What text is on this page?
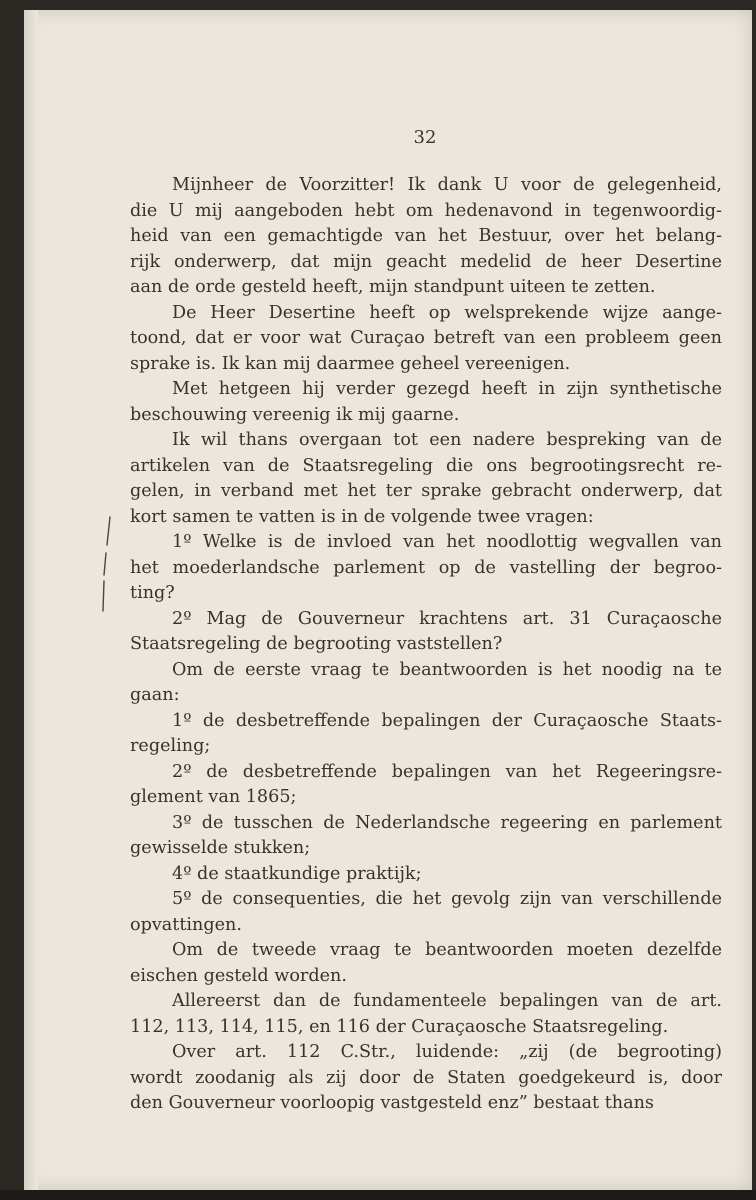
32
Mijnheer de Voorzitter! Ik dank U voor de gelegenheid,
die U mij aangeboden hebt om hedenavond in tegenwoordig-
heid van een gemachtigde van het Bestuur, over het belang-
rijk onderwerp, dat mijn geacht medelid de heer Desertine
aan de orde gesteld heeft, mijn standpunt uiteen te zetten.
De Heer Desertine heeft op welsprekende wijze aange-
toond, dat er voor wat Curaçao betreft van een probleem geen
sprake is. Ik kan mij daarmee geheel vereenigen.
Met hetgeen hij verder gezegd heeft in zijn synthetische
beschouwing vereenig ik mij gaarne.
Ik wil thans overgaan tot een nadere bespreking van de
artikelen van de Staatsregeling die ons begrootingsrecht re-
gelen, in verband met het ter sprake gebracht onderwerp, dat
kort samen te vatten is in de volgende twee vragen:
1º Welke is de invloed van het noodlottig wegvallen van
het moederlandsche parlement op de vastelling der begroo-
ting?
2º Mag de Gouverneur krachtens art. 31 Curaçaosche
Staatsregeling de begrooting vaststellen?
Om de eerste vraag te beantwoorden is het noodig na te
gaan:
1º de desbetreffende bepalingen der Curaçaosche Staats-
regeling;
2º de desbetreffende bepalingen van het Regeeringsre-
glement van 1865;
3º de tusschen de Nederlandsche regeering en parlement
gewisselde stukken;
4º de staatkundige praktijk;
5º de consequenties, die het gevolg zijn van verschillende
opvattingen.
Om de tweede vraag te beantwoorden moeten dezelfde
eischen gesteld worden.
Allereerst dan de fundamenteele bepalingen van de art.
112, 113, 114, 115, en 116 der Curaçaosche Staatsregeling.
Over art. 112 C.Str., luidende: „zij (de begrooting)
wordt zoodanig als zij door de Staten goedgekeurd is, door
den Gouverneur voorloopig vastgesteld enz” bestaat thans
